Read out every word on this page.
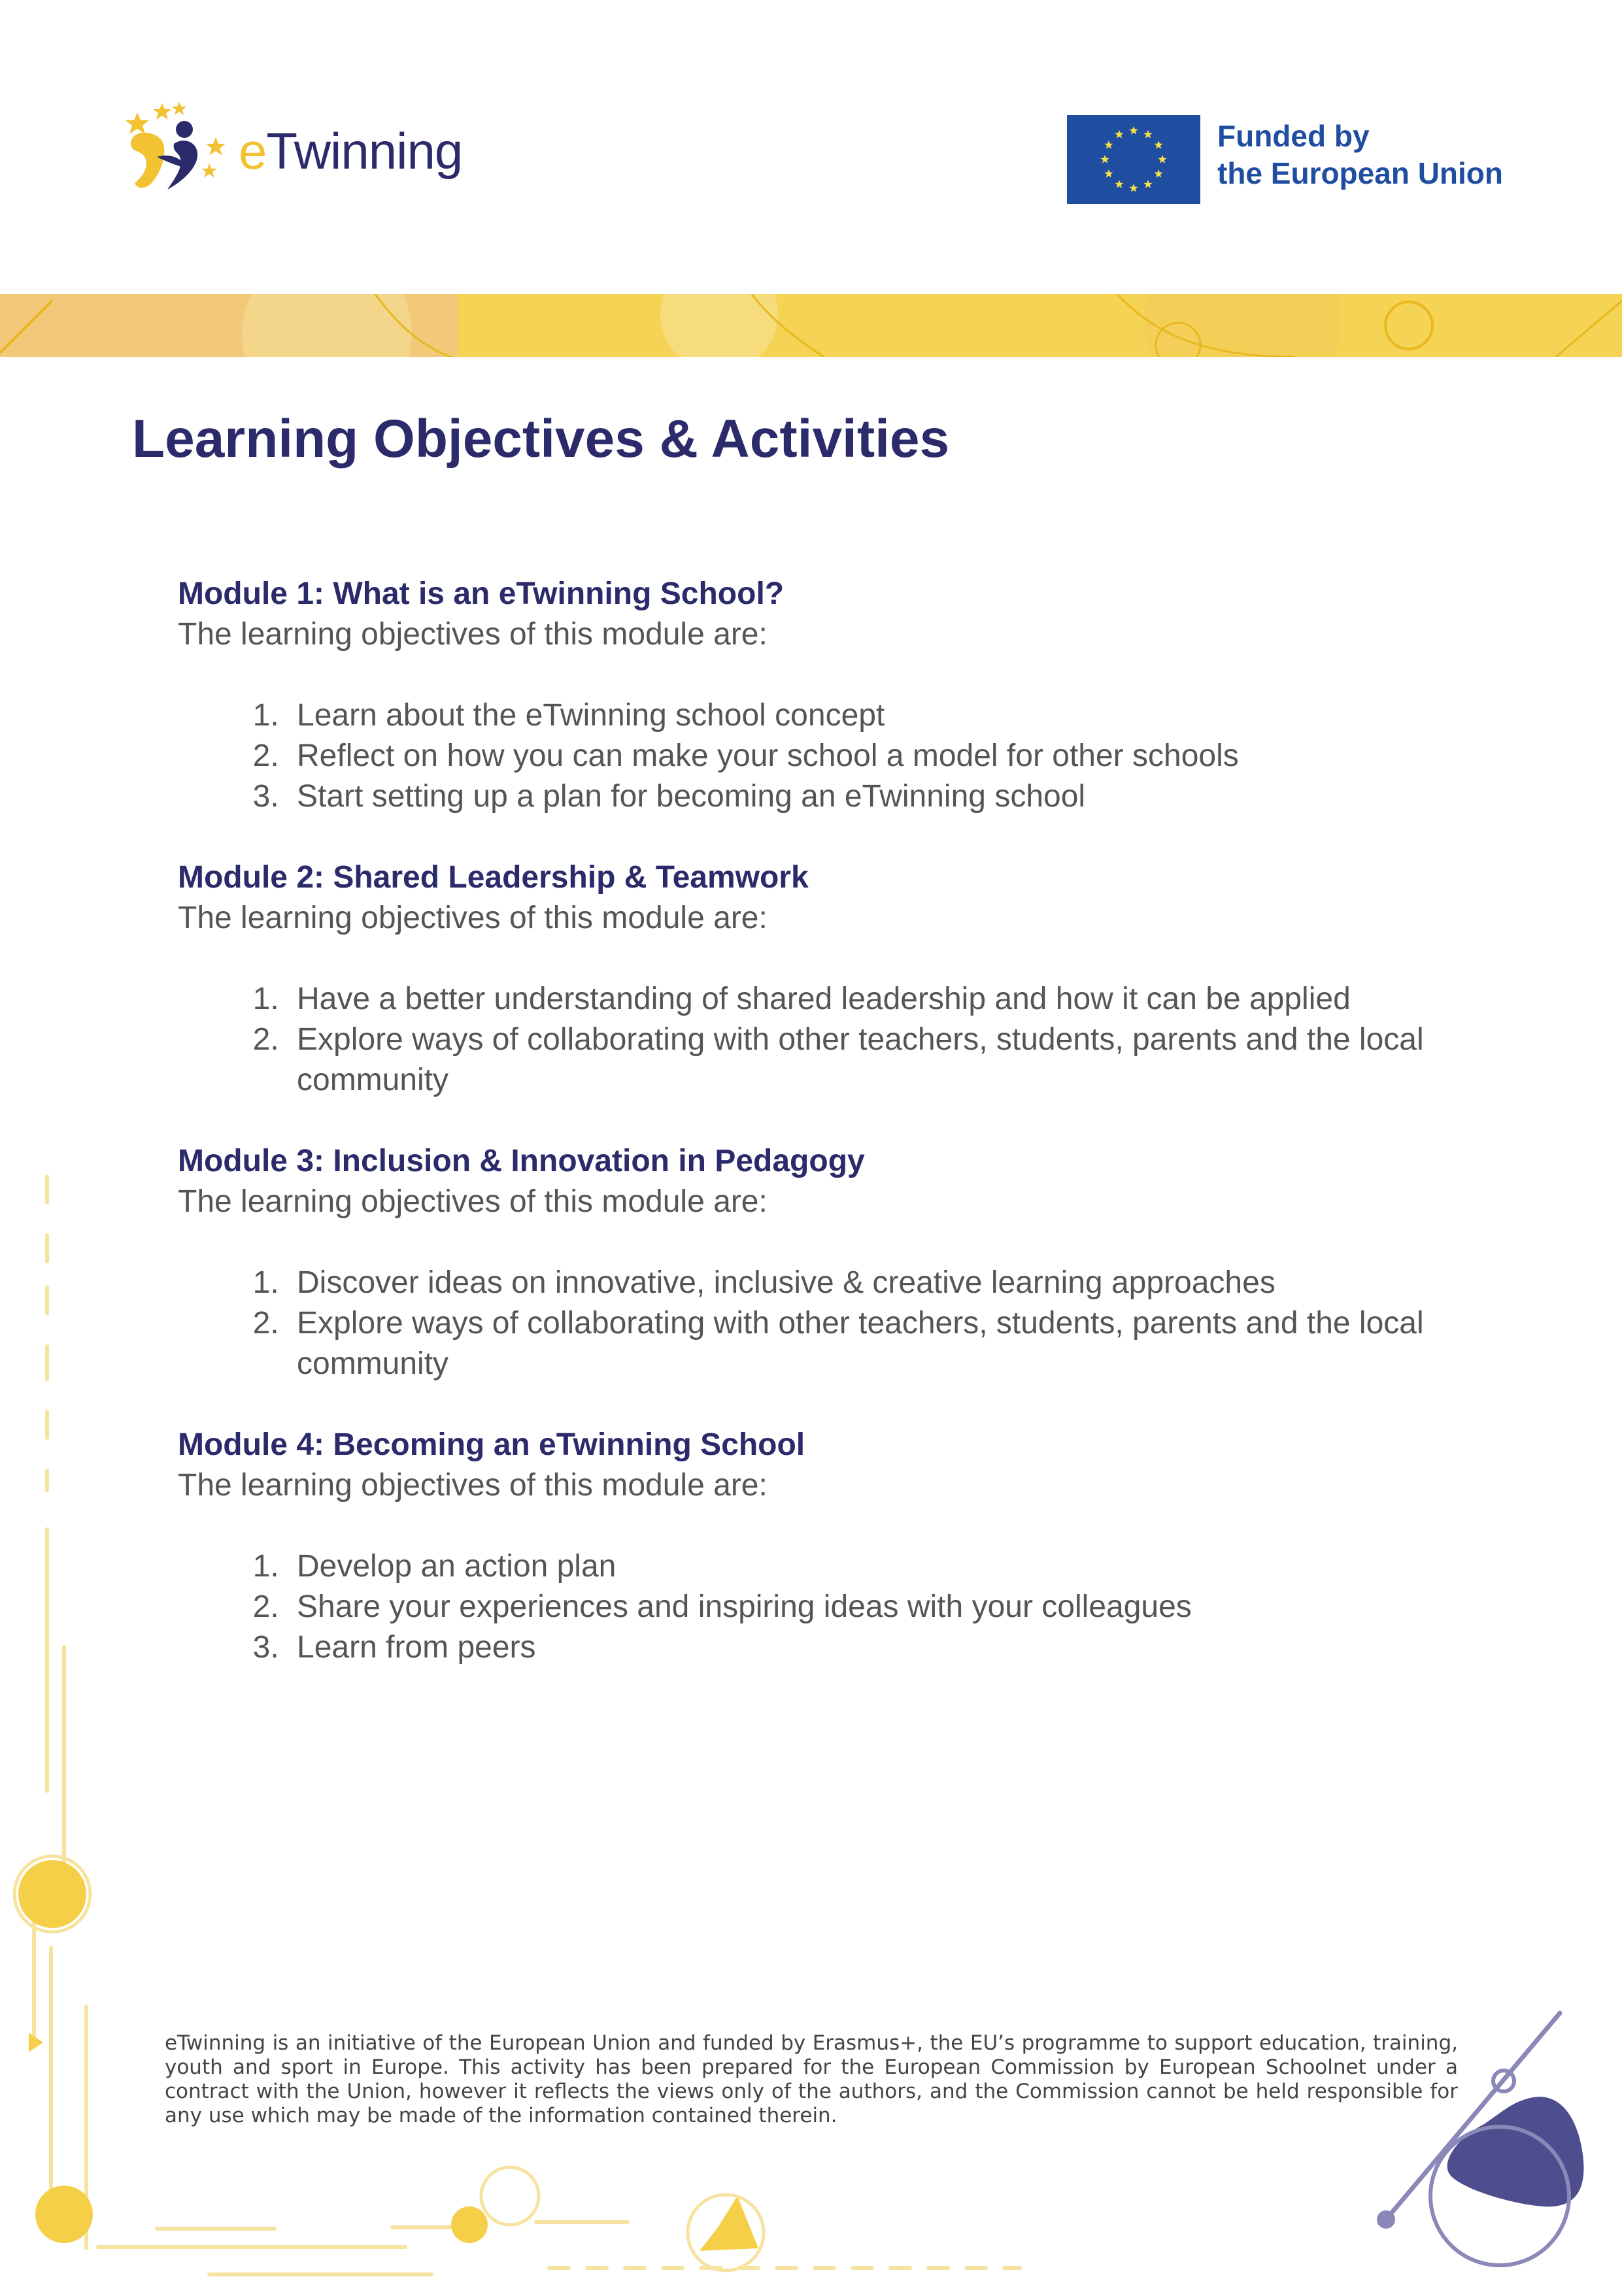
eTwinning	Funded by
the European Union
Learning Objectives & Activities
Module 1: What is an eTwinning School?

The learning objectives of this module are:

1. Learn about the eTwinning school concept
2. Reflect on how you can make your school a model for other schools
3. Start setting up a plan for becoming an eTwinning school
Module 2: Shared Leadership & Teamwork

The learning objectives of this module are:

1. Have a better understanding of shared leadership and how it can be applied
2. Explore ways of collaborating with other teachers, students, parents and the local community
Module 3: Inclusion & Innovation in Pedagogy

The learning objectives of this module are:

1. Discover ideas on innovative, inclusive & creative learning approaches
2. Explore ways of collaborating with other teachers, students, parents and the local community
Module 4: Becoming an eTwinning School

The learning objectives of this module are:

1. Develop an action plan
2. Share your experiences and inspiring ideas with your colleagues
3. Learn from peers

eTwinning is an initiative of the European Union and funded by Erasmus+, the EU’s programme to support education, training, youth and sport in Europe. This activity has been prepared for the European Commission by European Schoolnet under a contract with the Union, however it reflects the views only of the authors, and the Commission cannot be held responsible for any use which may be made of the information contained therein.
